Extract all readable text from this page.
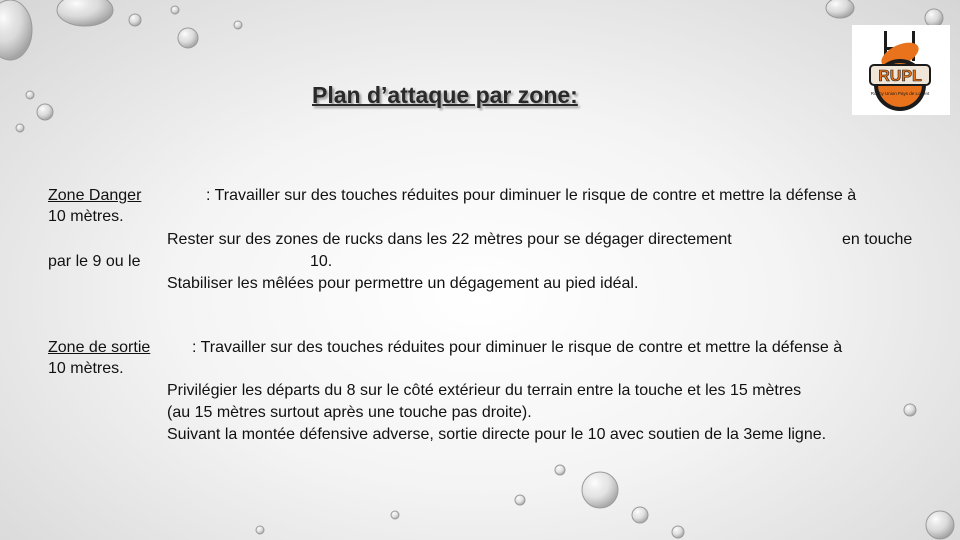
Plan d’attaque par zone:
RUPL
Rugby Union Pays de Lorient
Zone Danger	: Travailler sur des touches réduites pour diminuer le risque de contre et mettre la défense à
10 mètres.
Rester sur des zones de rucks dans les 22 mètres pour se dégager directement	en touche
par le 9 ou le	10.
Stabiliser les mêlées pour permettre un dégagement au pied idéal.
Zone de sortie	: Travailler sur des touches réduites pour diminuer le risque de contre et mettre la défense à
10 mètres.
Privilégier les départs du 8 sur le côté extérieur du terrain entre la touche et les 15 mètres
(au 15 mètres surtout après une touche pas droite).
Suivant la montée défensive adverse, sortie directe pour le 10 avec soutien de la 3eme ligne.
